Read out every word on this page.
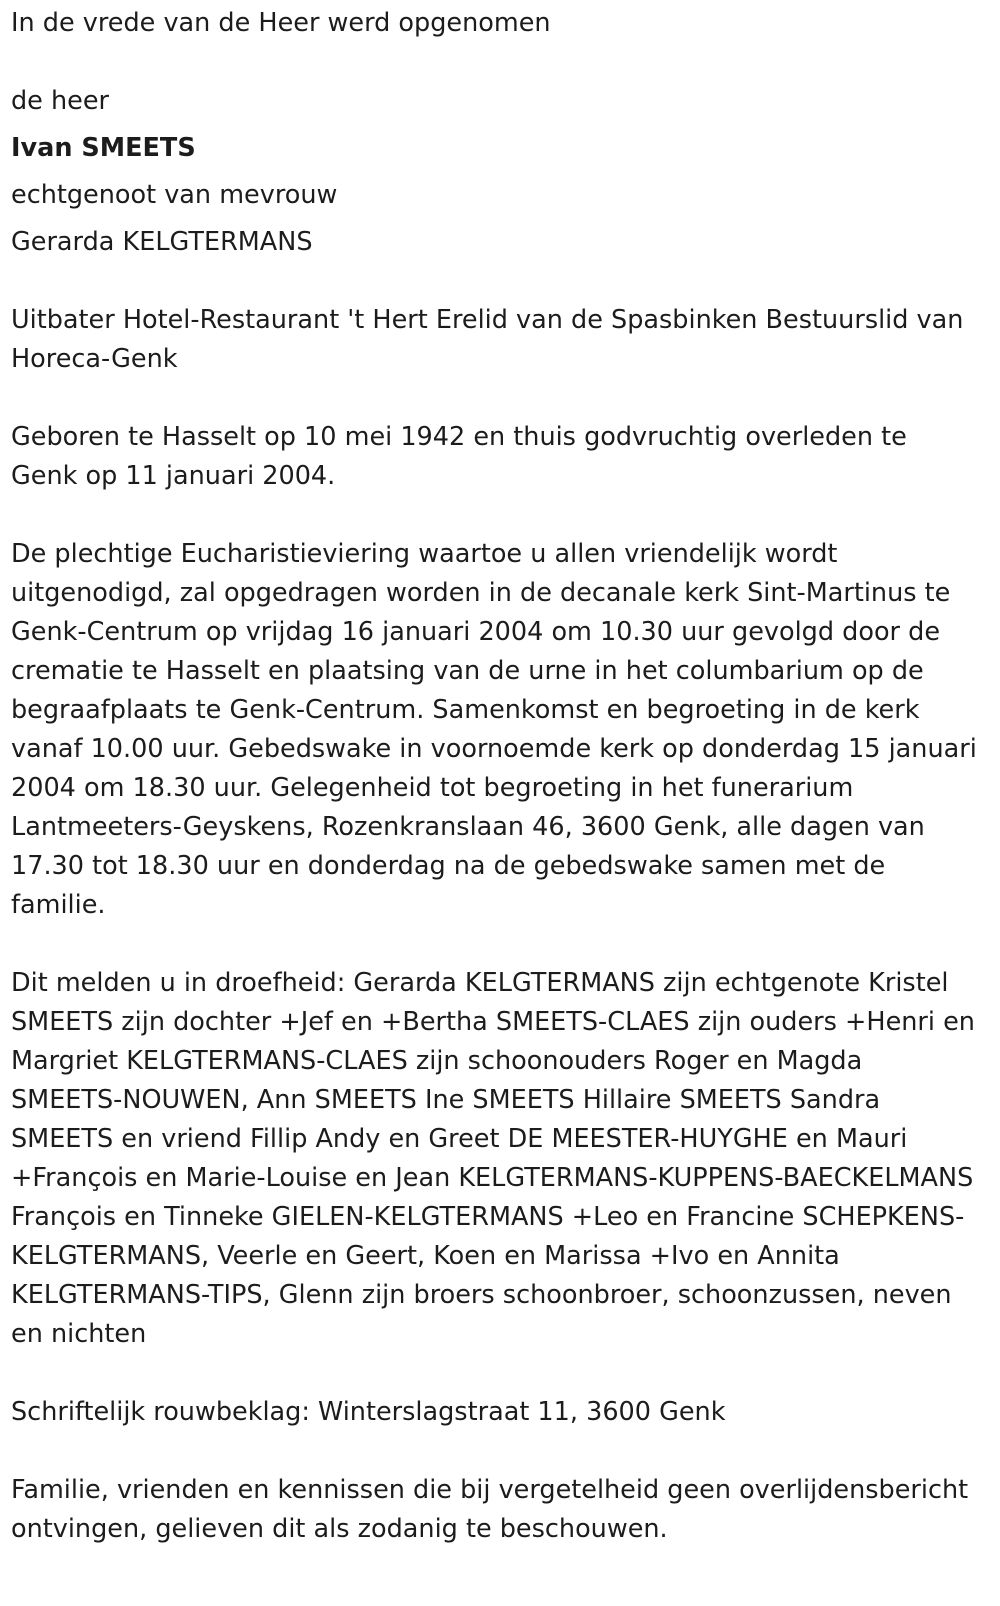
In de vrede van de Heer werd opgenomen

de heer

Ivan SMEETS

echtgenoot van mevrouw

Gerarda KELGTERMANS

Uitbater Hotel-Restaurant 't Hert Erelid van de Spasbinken Bestuurslid van Horeca-Genk

Geboren te Hasselt op 10 mei 1942 en thuis godvruchtig overleden te Genk op 11 januari 2004.

De plechtige Eucharistieviering waartoe u allen vriendelijk wordt uitgenodigd, zal opgedragen worden in de decanale kerk Sint-Martinus te Genk-Centrum op vrijdag 16 januari 2004 om 10.30 uur gevolgd door de crematie te Hasselt en plaatsing van de urne in het columbarium op de begraafplaats te Genk-Centrum. Samenkomst en begroeting in de kerk vanaf 10.00 uur. Gebedswake in voornoemde kerk op donderdag 15 januari 2004 om 18.30 uur. Gelegenheid tot begroeting in het funerarium Lantmeeters-Geyskens, Rozenkranslaan 46, 3600 Genk, alle dagen van 17.30 tot 18.30 uur en donderdag na de gebedswake samen met de familie.

Dit melden u in droefheid: Gerarda KELGTERMANS zijn echtgenote Kristel SMEETS zijn dochter +Jef en +Bertha SMEETS-CLAES zijn ouders +Henri en Margriet KELGTERMANS-CLAES zijn schoonouders Roger en Magda SMEETS-NOUWEN, Ann SMEETS Ine SMEETS Hillaire SMEETS Sandra SMEETS en vriend Fillip Andy en Greet DE MEESTER-HUYGHE en Mauri +François en Marie-Louise en Jean KELGTERMANS-KUPPENS-BAECKELMANS François en Tinneke GIELEN-KELGTERMANS +Leo en Francine SCHEPKENS-KELGTERMANS, Veerle en Geert, Koen en Marissa +Ivo en Annita KELGTERMANS-TIPS, Glenn zijn broers schoonbroer, schoonzussen, neven en nichten

Schriftelijk rouwbeklag: Winterslagstraat 11, 3600 Genk

Familie, vrienden en kennissen die bij vergetelheid geen overlijdensbericht ontvingen, gelieven dit als zodanig te beschouwen.
